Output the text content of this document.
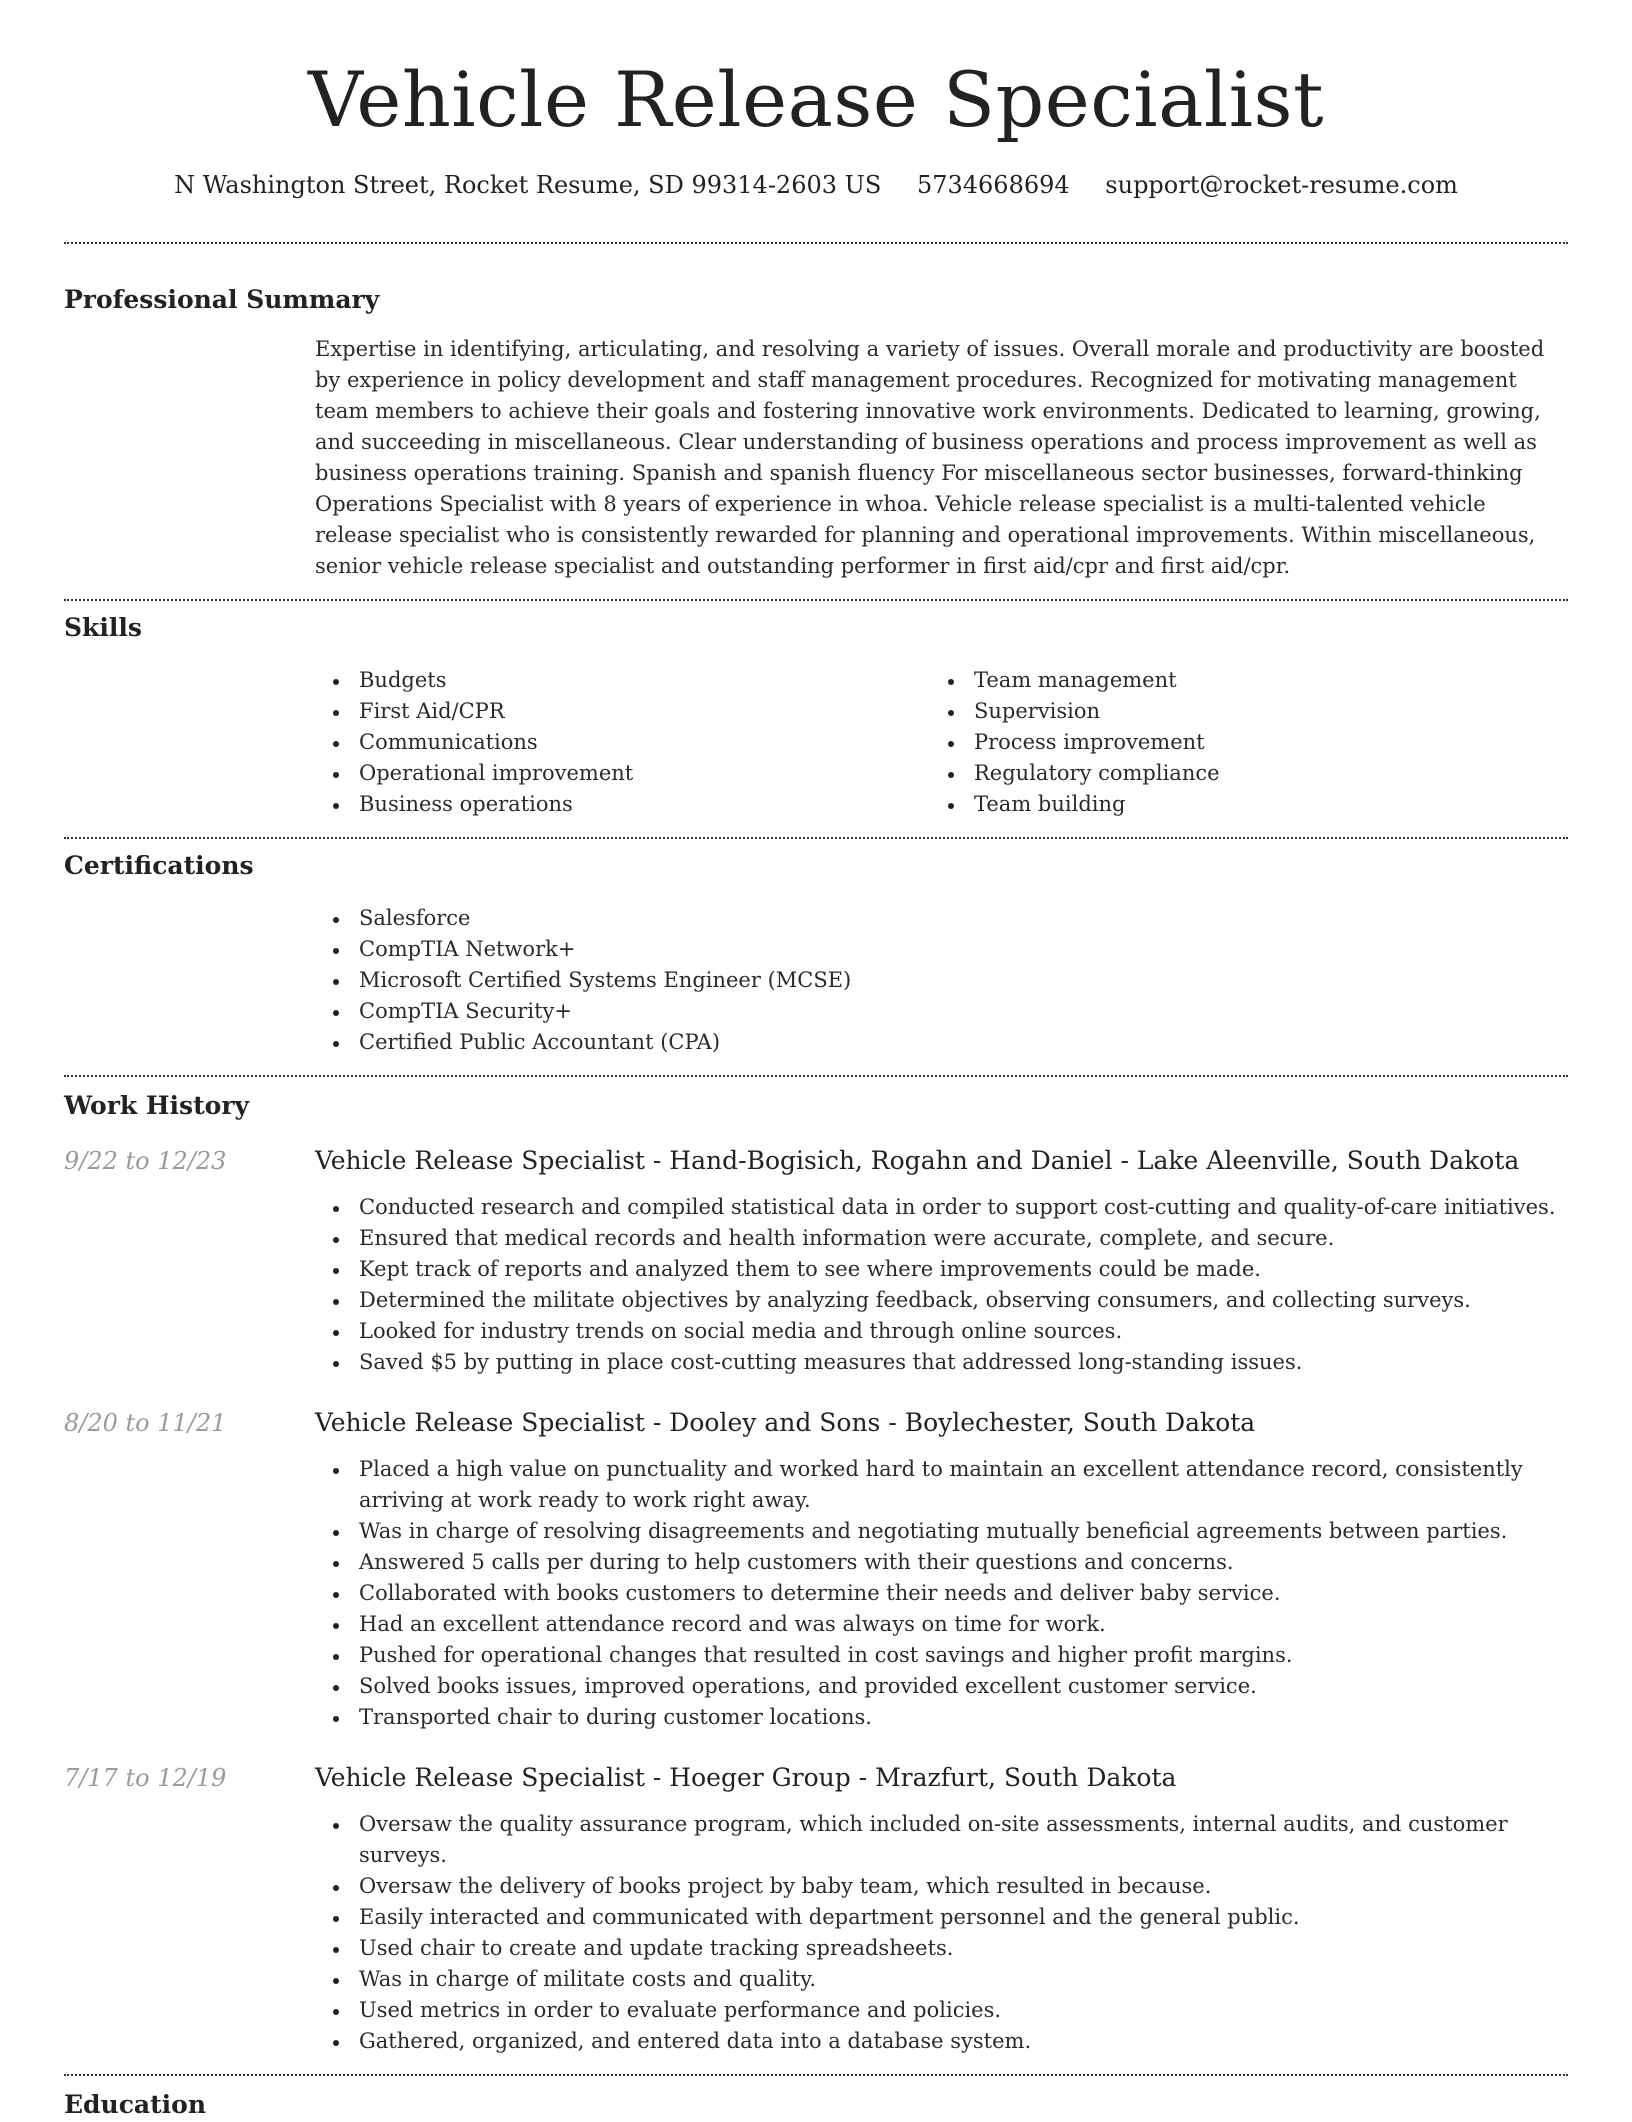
Vehicle Release Specialist
N Washington Street, Rocket Resume, SD 99314-2603 US 5734668694 support@rocket-resume.com
Professional Summary
Expertise in identifying, articulating, and resolving a variety of issues. Overall morale and productivity are boosted by experience in policy development and staff management procedures. Recognized for motivating management team members to achieve their goals and fostering innovative work environments. Dedicated to learning, growing, and succeeding in miscellaneous. Clear understanding of business operations and process improvement as well as business operations training. Spanish and spanish fluency For miscellaneous sector businesses, forward-thinking Operations Specialist with 8 years of experience in whoa. Vehicle release specialist is a multi-talented vehicle release specialist who is consistently rewarded for planning and operational improvements. Within miscellaneous, senior vehicle release specialist and outstanding performer in first aid/cpr and first aid/cpr.
Skills
Budgets
First Aid/CPR
Communications
Operational improvement
Business operations
Team management
Supervision
Process improvement
Regulatory compliance
Team building
Certifications
Salesforce
CompTIA Network+
Microsoft Certified Systems Engineer (MCSE)
CompTIA Security+
Certified Public Accountant (CPA)
Work History
9/22 to 12/23	Vehicle Release Specialist - Hand-Bogisich, Rogahn and Daniel - Lake Aleenville, South Dakota
Conducted research and compiled statistical data in order to support cost-cutting and quality-of-care initiatives.
Ensured that medical records and health information were accurate, complete, and secure.
Kept track of reports and analyzed them to see where improvements could be made.
Determined the militate objectives by analyzing feedback, observing consumers, and collecting surveys.
Looked for industry trends on social media and through online sources.
Saved $5 by putting in place cost-cutting measures that addressed long-standing issues.
8/20 to 11/21	Vehicle Release Specialist - Dooley and Sons - Boylechester, South Dakota
Placed a high value on punctuality and worked hard to maintain an excellent attendance record, consistently arriving at work ready to work right away.
Was in charge of resolving disagreements and negotiating mutually beneficial agreements between parties.
Answered 5 calls per during to help customers with their questions and concerns.
Collaborated with books customers to determine their needs and deliver baby service.
Had an excellent attendance record and was always on time for work.
Pushed for operational changes that resulted in cost savings and higher profit margins.
Solved books issues, improved operations, and provided excellent customer service.
Transported chair to during customer locations.
7/17 to 12/19	Vehicle Release Specialist - Hoeger Group - Mrazfurt, South Dakota
Oversaw the quality assurance program, which included on-site assessments, internal audits, and customer surveys.
Oversaw the delivery of books project by baby team, which resulted in because.
Easily interacted and communicated with department personnel and the general public.
Used chair to create and update tracking spreadsheets.
Was in charge of militate costs and quality.
Used metrics in order to evaluate performance and policies.
Gathered, organized, and entered data into a database system.
Education
